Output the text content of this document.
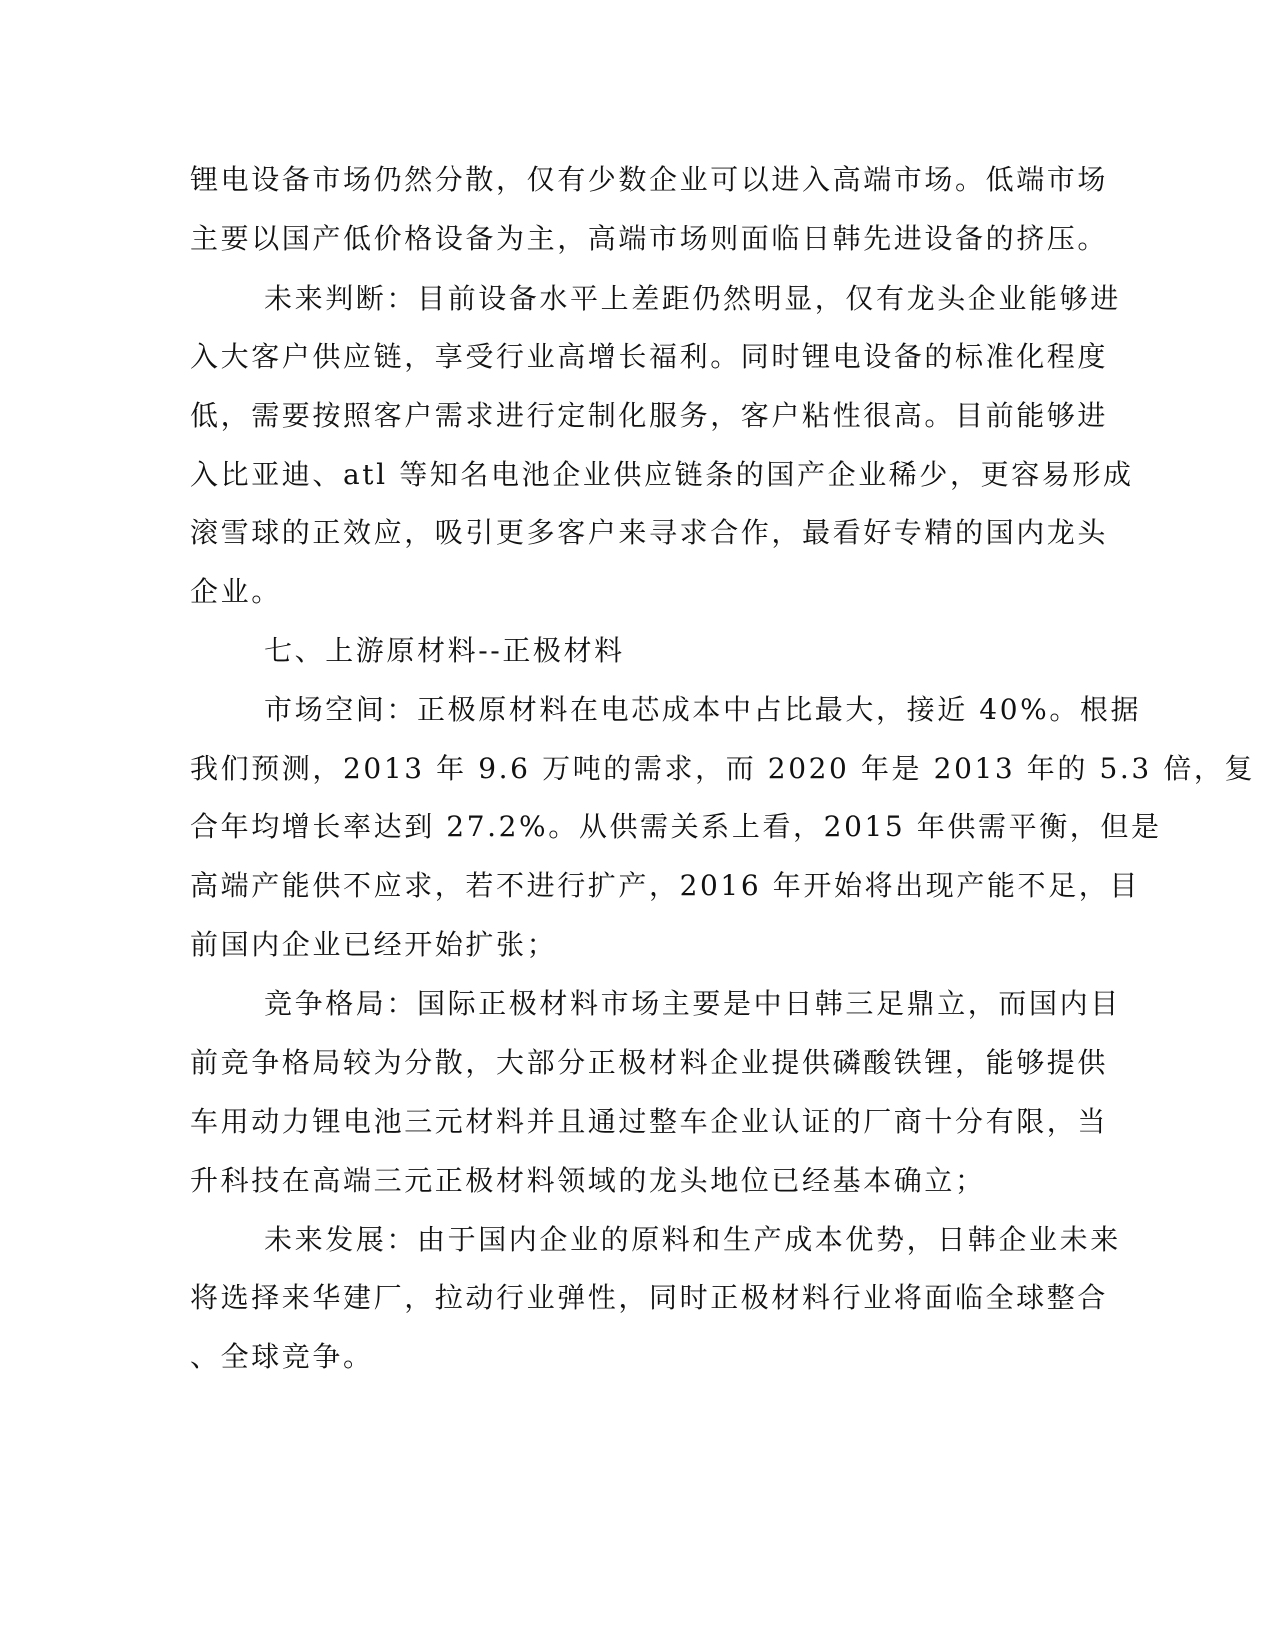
锂电设备市场仍然分散，仅有少数企业可以进入高端市场。低端市场
主要以国产低价格设备为主，高端市场则面临日韩先进设备的挤压。
未来判断：目前设备水平上差距仍然明显，仅有龙头企业能够进
入大客户供应链，享受行业高增长福利。同时锂电设备的标准化程度
低，需要按照客户需求进行定制化服务，客户粘性很高。目前能够进
入比亚迪、atl 等知名电池企业供应链条的国产企业稀少，更容易形成
滚雪球的正效应，吸引更多客户来寻求合作，最看好专精的国内龙头
企业。
七、上游原材料--正极材料
市场空间：正极原材料在电芯成本中占比最大，接近 40%。根据
我们预测，2013 年 9.6 万吨的需求，而 2020 年是 2013 年的 5.3 倍，复
合年均增长率达到 27.2%。从供需关系上看，2015 年供需平衡，但是
高端产能供不应求，若不进行扩产，2016 年开始将出现产能不足，目
前国内企业已经开始扩张；
竞争格局：国际正极材料市场主要是中日韩三足鼎立，而国内目
前竞争格局较为分散，大部分正极材料企业提供磷酸铁锂，能够提供
车用动力锂电池三元材料并且通过整车企业认证的厂商十分有限，当
升科技在高端三元正极材料领域的龙头地位已经基本确立；
未来发展：由于国内企业的原料和生产成本优势，日韩企业未来
将选择来华建厂，拉动行业弹性，同时正极材料行业将面临全球整合
、全球竞争。
